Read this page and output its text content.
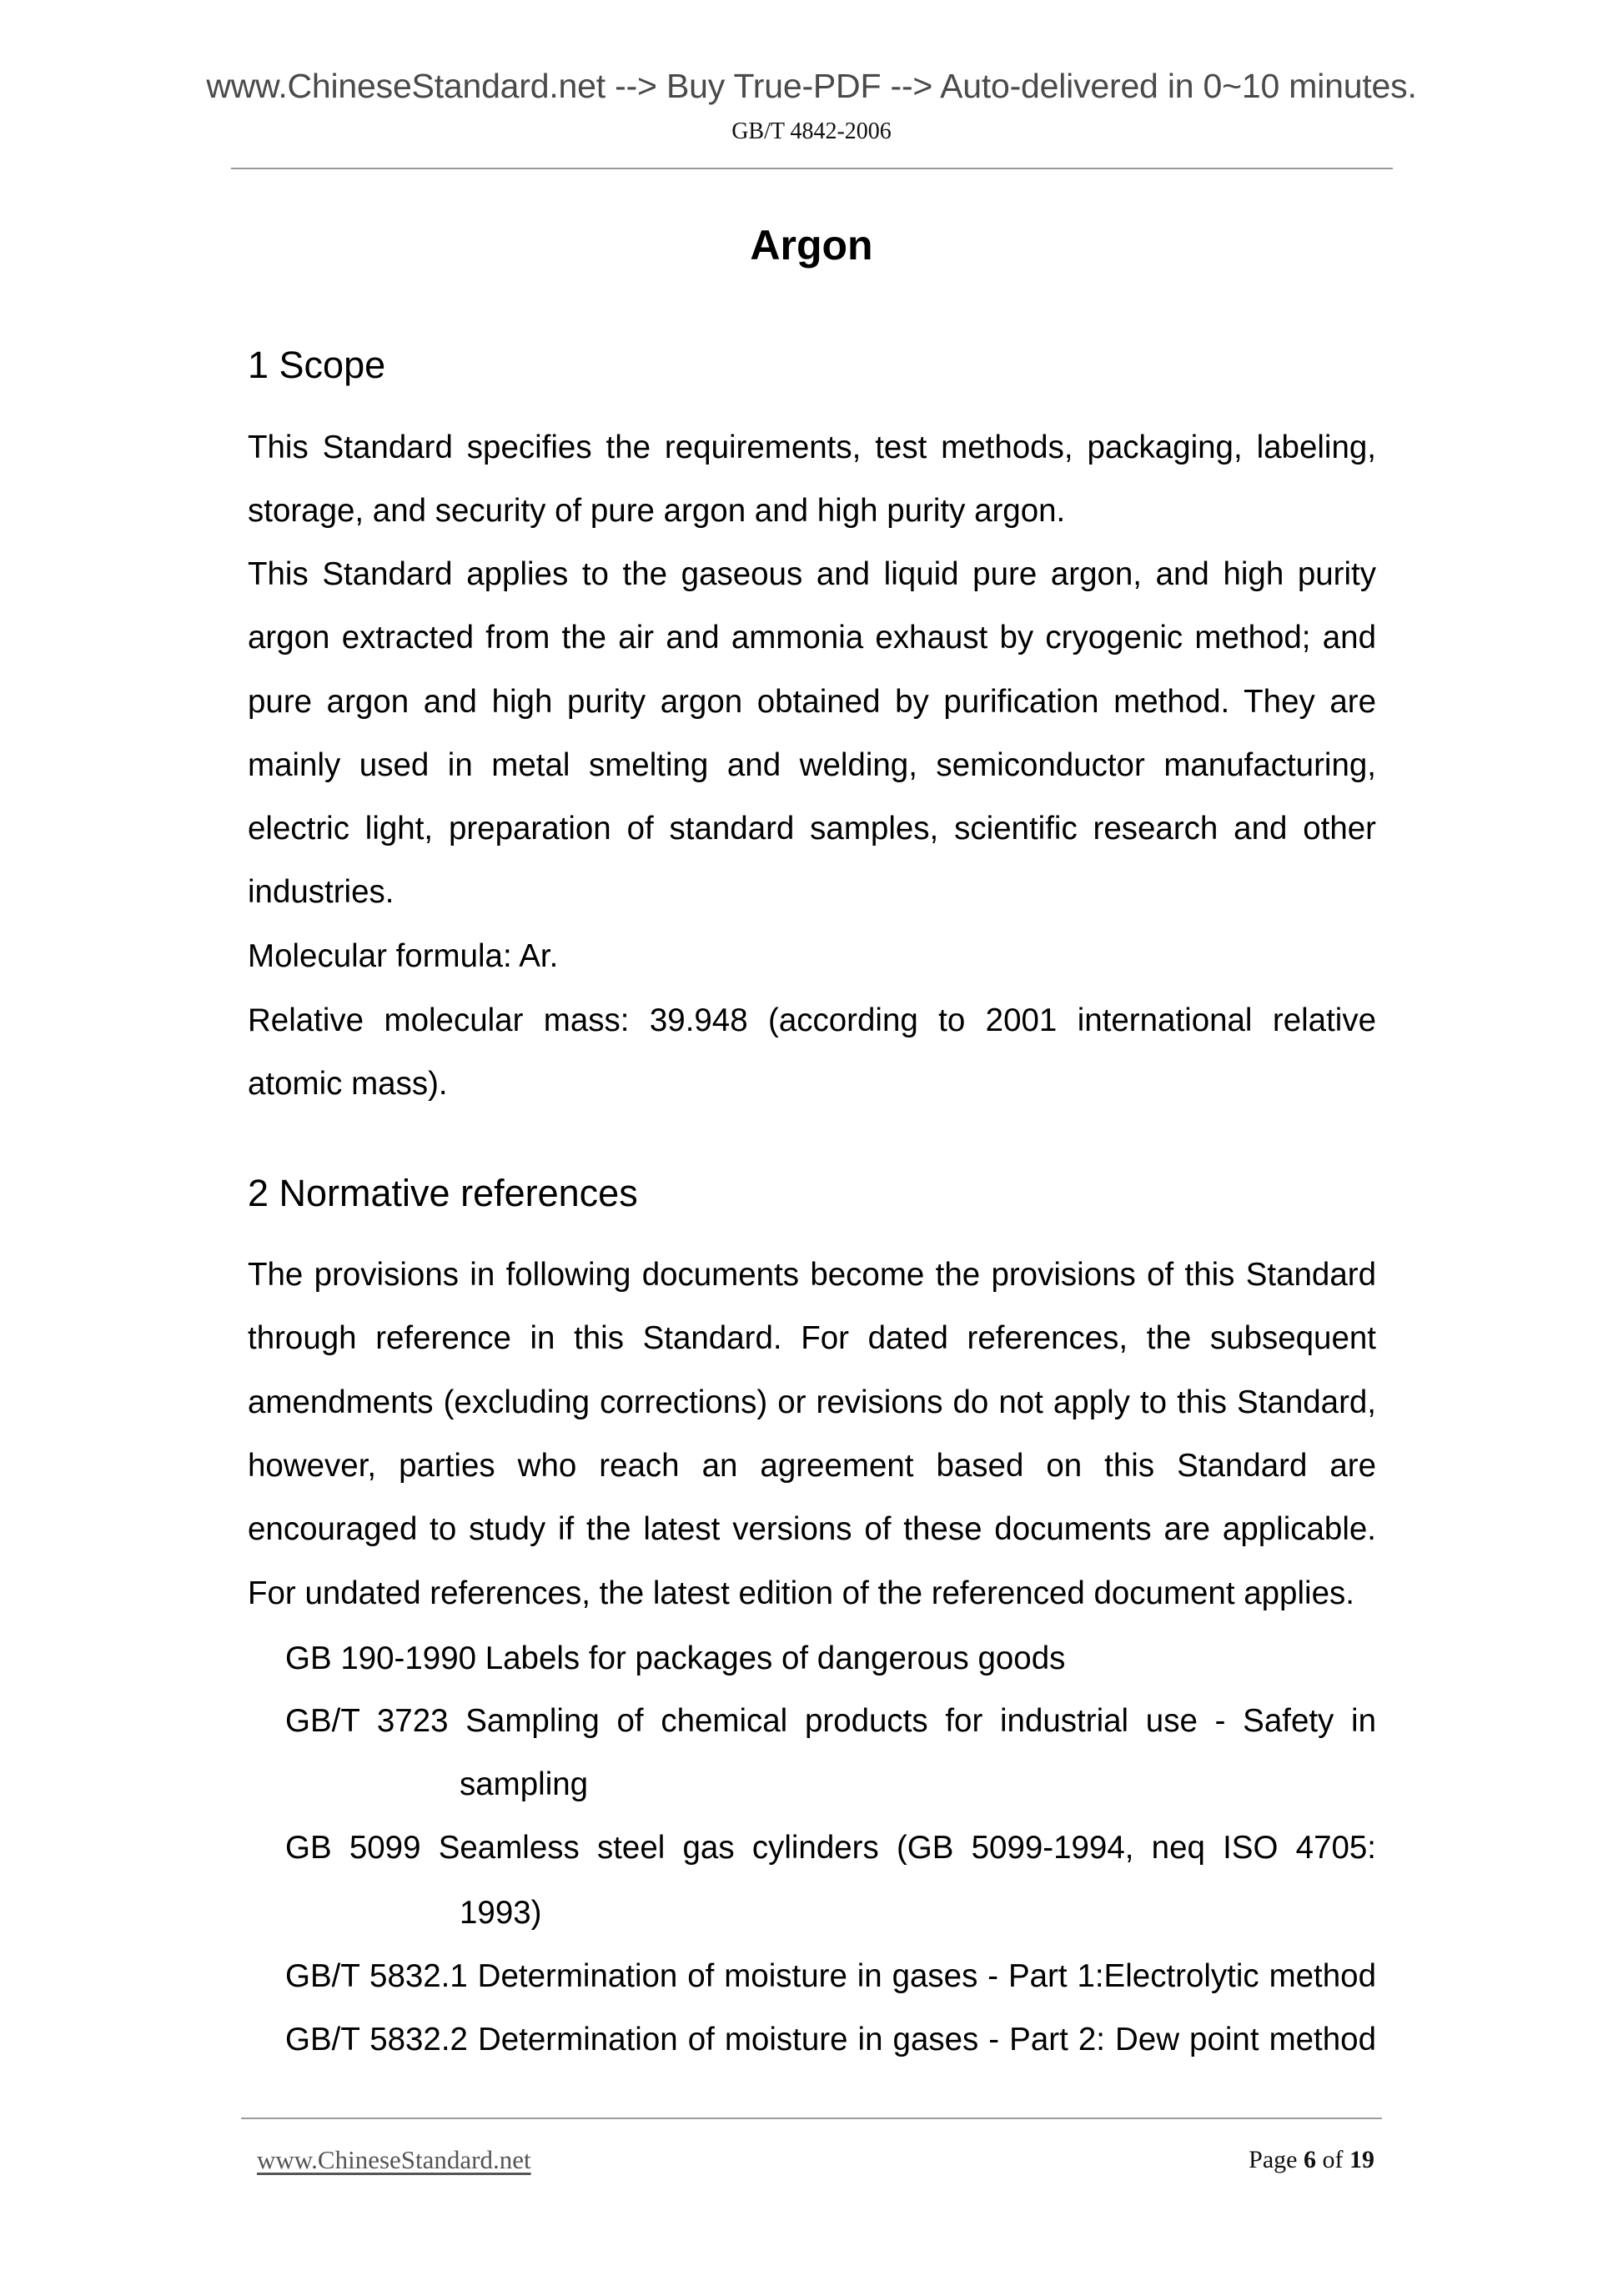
www.ChineseStandard.net --> Buy True-PDF --> Auto-delivered in 0~10 minutes.
GB/T 4842-2006
Argon
1 Scope
This Standard specifies the requirements, test methods, packaging, labeling,
storage, and security of pure argon and high purity argon.
This Standard applies to the gaseous and liquid pure argon, and high purity
argon extracted from the air and ammonia exhaust by cryogenic method; and
pure argon and high purity argon obtained by purification method. They are
mainly used in metal smelting and welding, semiconductor manufacturing,
electric light, preparation of standard samples, scientific research and other
industries.
Molecular formula: Ar.
Relative molecular mass: 39.948 (according to 2001 international relative
atomic mass).
2 Normative references
The provisions in following documents become the provisions of this Standard
through reference in this Standard. For dated references, the subsequent
amendments (excluding corrections) or revisions do not apply to this Standard,
however, parties who reach an agreement based on this Standard are
encouraged to study if the latest versions of these documents are applicable.
For undated references, the latest edition of the referenced document applies.
GB 190-1990 Labels for packages of dangerous goods
GB/T 3723 Sampling of chemical products for industrial use - Safety in
sampling
GB 5099 Seamless steel gas cylinders (GB 5099-1994, neq ISO 4705:
1993)
GB/T 5832.1 Determination of moisture in gases - Part 1:Electrolytic method
GB/T 5832.2 Determination of moisture in gases - Part 2: Dew point method
www.ChineseStandard.net	Page 6 of 19
